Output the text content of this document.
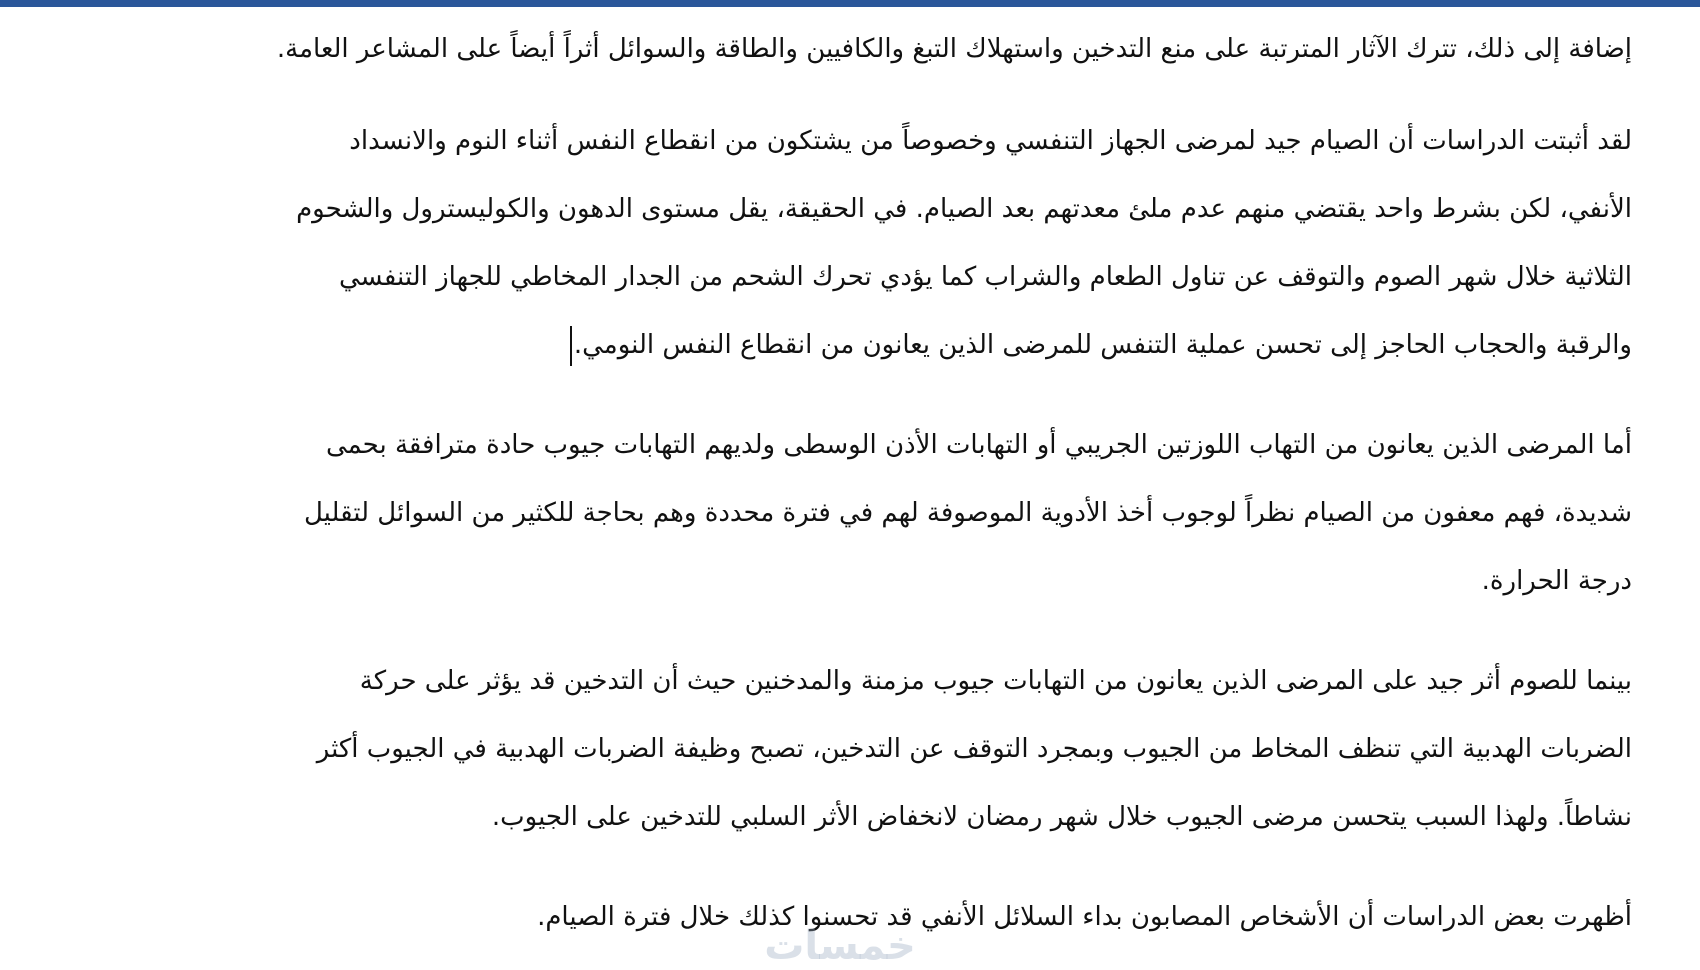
إضافة إلى ذلك، تترك الآثار المترتبة على منع التدخين واستهلاك التبغ والكافيين والطاقة والسوائل أثراً أيضاً على المشاعر العامة.
لقد أثبتت الدراسات أن الصيام جيد لمرضى الجهاز التنفسي وخصوصاً من يشتكون من انقطاع النفس أثناء النوم والانسداد
الأنفي، لكن بشرط واحد يقتضي منهم عدم ملئ معدتهم بعد الصيام. في الحقيقة، يقل مستوى الدهون والكوليسترول والشحوم
الثلاثية خلال شهر الصوم والتوقف عن تناول الطعام والشراب كما يؤدي تحرك الشحم من الجدار المخاطي للجهاز التنفسي
والرقبة والحجاب الحاجز إلى تحسن عملية التنفس للمرضى الذين يعانون من انقطاع النفس النومي.
أما المرضى الذين يعانون من التهاب اللوزتين الجريبي أو التهابات الأذن الوسطى ولديهم التهابات جيوب حادة مترافقة بحمى
شديدة، فهم معفون من الصيام نظراً لوجوب أخذ الأدوية الموصوفة لهم في فترة محددة وهم بحاجة للكثير من السوائل لتقليل
درجة الحرارة.
بينما للصوم أثر جيد على المرضى الذين يعانون من التهابات جيوب مزمنة والمدخنين حيث أن التدخين قد يؤثر على حركة
الضربات الهدبية التي تنظف المخاط من الجيوب وبمجرد التوقف عن التدخين، تصبح وظيفة الضربات الهدبية في الجيوب أكثر
نشاطاً. ولهذا السبب يتحسن مرضى الجيوب خلال شهر رمضان لانخفاض الأثر السلبي للتدخين على الجيوب.
أظهرت بعض الدراسات أن الأشخاص المصابون بداء السلائل الأنفي قد تحسنوا كذلك خلال فترة الصيام.
خمسات
